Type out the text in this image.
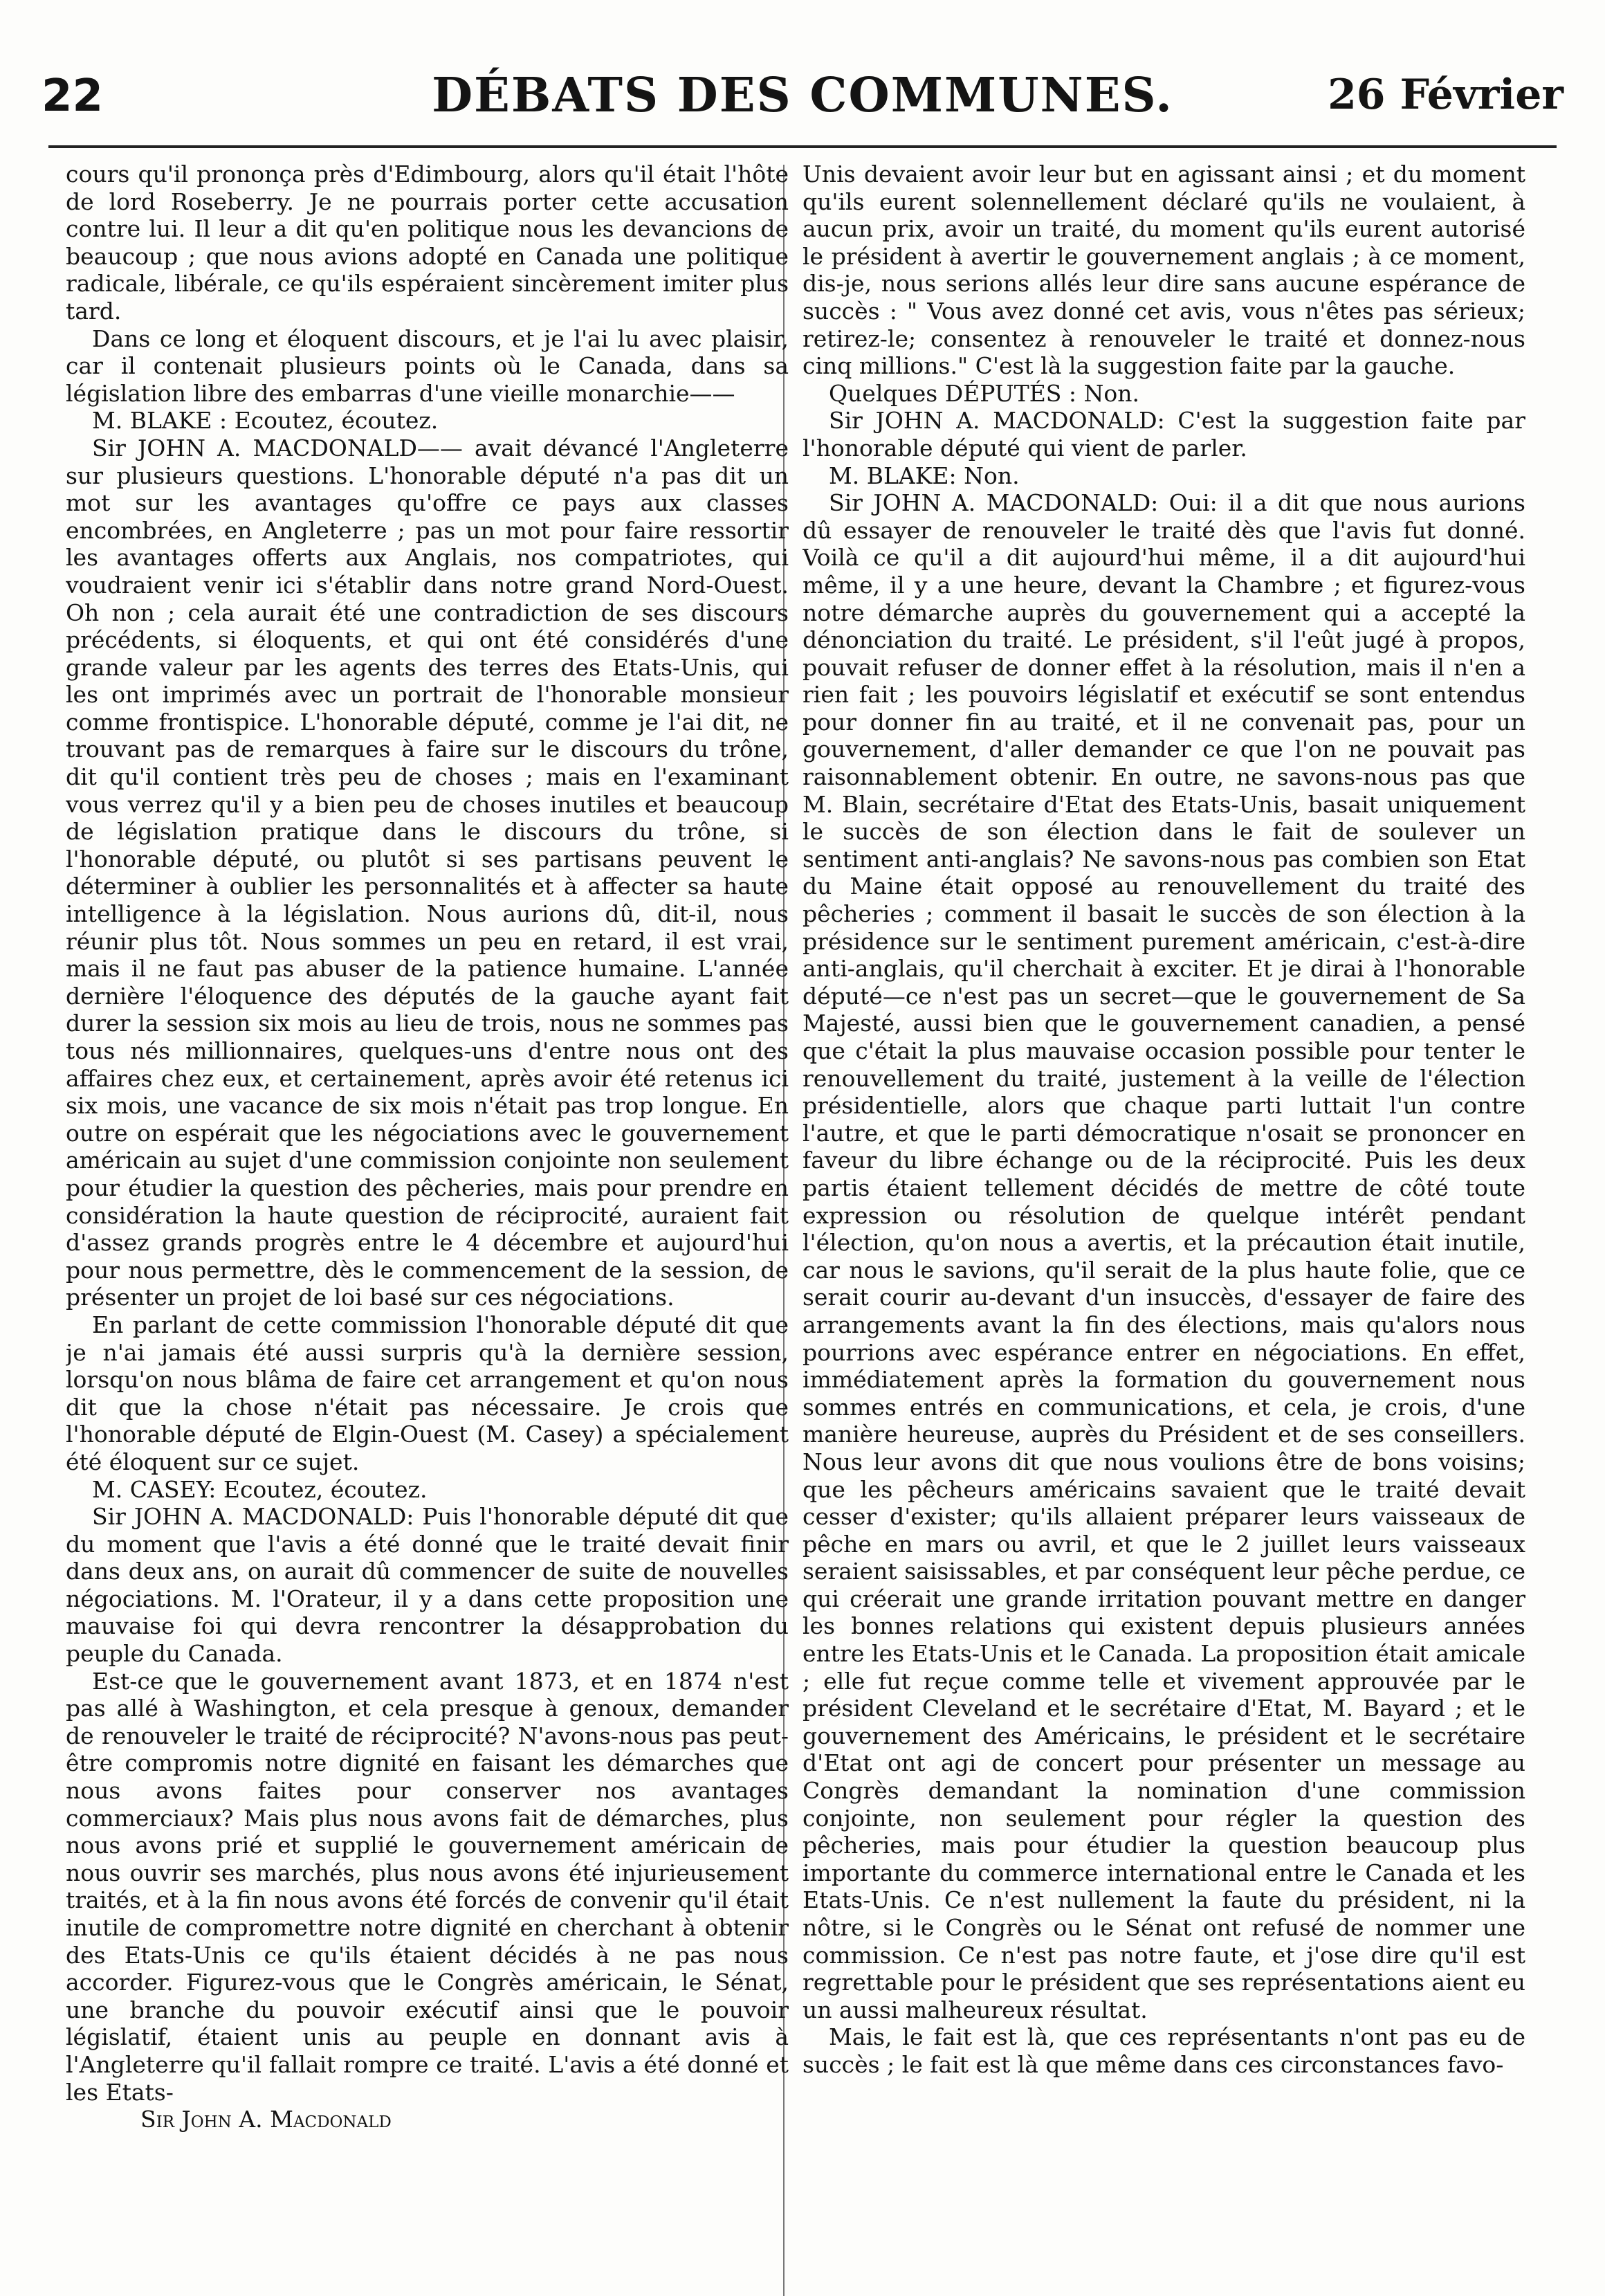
22	DÉBATS DES COMMUNES.	26 Février

cours qu'il prononça près d'Edimbourg, alors qu'il était l'hôte de lord Roseberry. Je ne pourrais porter cette accusation contre lui. Il leur a dit qu'en politique nous les devancions de beaucoup ; que nous avions adopté en Canada une politique radicale, libérale, ce qu'ils espéraient sincèrement imiter plus tard.

Dans ce long et éloquent discours, et je l'ai lu avec plaisir, car il contenait plusieurs points où le Canada, dans sa législation libre des embarras d'une vieille monarchie——

M. BLAKE : Ecoutez, écoutez.

Sir JOHN A. MACDONALD—— avait dévancé l'Angleterre sur plusieurs questions. L'honorable député n'a pas dit un mot sur les avantages qu'offre ce pays aux classes encombrées, en Angleterre ; pas un mot pour faire ressortir les avantages offerts aux Anglais, nos compatriotes, qui voudraient venir ici s'établir dans notre grand Nord-Ouest. Oh non ; cela aurait été une contradiction de ses discours précédents, si éloquents, et qui ont été considérés d'une grande valeur par les agents des terres des Etats-Unis, qui les ont imprimés avec un portrait de l'honorable monsieur comme frontispice. L'honorable député, comme je l'ai dit, ne trouvant pas de remarques à faire sur le discours du trône, dit qu'il contient très peu de choses ; mais en l'examinant vous verrez qu'il y a bien peu de choses inutiles et beaucoup de législation pratique dans le discours du trône, si l'honorable député, ou plutôt si ses partisans peuvent le déterminer à oublier les personnalités et à affecter sa haute intelligence à la législation. Nous aurions dû, dit-il, nous réunir plus tôt. Nous sommes un peu en retard, il est vrai, mais il ne faut pas abuser de la patience humaine. L'année dernière l'éloquence des députés de la gauche ayant fait durer la session six mois au lieu de trois, nous ne sommes pas tous nés millionnaires, quelques-uns d'entre nous ont des affaires chez eux, et certainement, après avoir été retenus ici six mois, une vacance de six mois n'était pas trop longue. En outre on espérait que les négociations avec le gouvernement américain au sujet d'une commission conjointe non seulement pour étudier la question des pêcheries, mais pour prendre en considération la haute question de réciprocité, auraient fait d'assez grands progrès entre le 4 décembre et aujourd'hui pour nous permettre, dès le commencement de la session, de présenter un projet de loi basé sur ces négociations.

En parlant de cette commission l'honorable député dit que je n'ai jamais été aussi surpris qu'à la dernière session, lorsqu'on nous blâma de faire cet arrangement et qu'on nous dit que la chose n'était pas nécessaire. Je crois que l'honorable député de Elgin-Ouest (M. Casey) a spécialement été éloquent sur ce sujet.

M. CASEY: Ecoutez, écoutez.

Sir JOHN A. MACDONALD: Puis l'honorable député dit que du moment que l'avis a été donné que le traité devait finir dans deux ans, on aurait dû commencer de suite de nouvelles négociations. M. l'Orateur, il y a dans cette proposition une mauvaise foi qui devra rencontrer la désapprobation du peuple du Canada.

Est-ce que le gouvernement avant 1873, et en 1874 n'est pas allé à Washington, et cela presque à genoux, demander de renouveler le traité de réciprocité? N'avons-nous pas peut-être compromis notre dignité en faisant les démarches que nous avons faites pour conserver nos avantages commerciaux? Mais plus nous avons fait de démarches, plus nous avons prié et supplié le gouvernement américain de nous ouvrir ses marchés, plus nous avons été injurieusement traités, et à la fin nous avons été forcés de convenir qu'il était inutile de compromettre notre dignité en cherchant à obtenir des Etats-Unis ce qu'ils étaient décidés à ne pas nous accorder. Figurez-vous que le Congrès américain, le Sénat, une branche du pouvoir exécutif ainsi que le pouvoir législatif, étaient unis au peuple en donnant avis à l'Angleterre qu'il fallait rompre ce traité. L'avis a été donné et les Etats-

Sir John A. Macdonald

Unis devaient avoir leur but en agissant ainsi ; et du moment qu'ils eurent solennellement déclaré qu'ils ne voulaient, à aucun prix, avoir un traité, du moment qu'ils eurent autorisé le président à avertir le gouvernement anglais ; à ce moment, dis-je, nous serions allés leur dire sans aucune espérance de succès : " Vous avez donné cet avis, vous n'êtes pas sérieux; retirez-le; consentez à renouveler le traité et donnez-nous cinq millions." C'est là la suggestion faite par la gauche.

Quelques DÉPUTÉS : Non.

Sir JOHN A. MACDONALD: C'est la suggestion faite par l'honorable député qui vient de parler.

M. BLAKE: Non.

Sir JOHN A. MACDONALD: Oui: il a dit que nous aurions dû essayer de renouveler le traité dès que l'avis fut donné. Voilà ce qu'il a dit aujourd'hui même, il a dit aujourd'hui même, il y a une heure, devant la Chambre ; et figurez-vous notre démarche auprès du gouvernement qui a accepté la dénonciation du traité. Le président, s'il l'eût jugé à propos, pouvait refuser de donner effet à la résolution, mais il n'en a rien fait ; les pouvoirs législatif et exécutif se sont entendus pour donner fin au traité, et il ne convenait pas, pour un gouvernement, d'aller demander ce que l'on ne pouvait pas raisonnablement obtenir. En outre, ne savons-nous pas que M. Blain, secrétaire d'Etat des Etats-Unis, basait uniquement le succès de son élection dans le fait de soulever un sentiment anti-anglais? Ne savons-nous pas combien son Etat du Maine était opposé au renouvellement du traité des pêcheries ; comment il basait le succès de son élection à la présidence sur le sentiment purement américain, c'est-à-dire anti-anglais, qu'il cherchait à exciter. Et je dirai à l'honorable député—ce n'est pas un secret—que le gouvernement de Sa Majesté, aussi bien que le gouvernement canadien, a pensé que c'était la plus mauvaise occasion possible pour tenter le renouvellement du traité, justement à la veille de l'élection présidentielle, alors que chaque parti luttait l'un contre l'autre, et que le parti démocratique n'osait se prononcer en faveur du libre échange ou de la réciprocité. Puis les deux partis étaient tellement décidés de mettre de côté toute expression ou résolution de quelque intérêt pendant l'élection, qu'on nous a avertis, et la précaution était inutile, car nous le savions, qu'il serait de la plus haute folie, que ce serait courir au-devant d'un insuccès, d'essayer de faire des arrangements avant la fin des élections, mais qu'alors nous pourrions avec espérance entrer en négociations. En effet, immédiatement après la formation du gouvernement nous sommes entrés en communications, et cela, je crois, d'une manière heureuse, auprès du Président et de ses conseillers. Nous leur avons dit que nous voulions être de bons voisins; que les pêcheurs américains savaient que le traité devait cesser d'exister; qu'ils allaient préparer leurs vaisseaux de pêche en mars ou avril, et que le 2 juillet leurs vaisseaux seraient saisissables, et par conséquent leur pêche perdue, ce qui créerait une grande irritation pouvant mettre en danger les bonnes relations qui existent depuis plusieurs années entre les Etats-Unis et le Canada. La proposition était amicale ; elle fut reçue comme telle et vivement approuvée par le président Cleveland et le secrétaire d'Etat, M. Bayard ; et le gouvernement des Américains, le président et le secrétaire d'Etat ont agi de concert pour présenter un message au Congrès demandant la nomination d'une commission conjointe, non seulement pour régler la question des pêcheries, mais pour étudier la question beaucoup plus importante du commerce international entre le Canada et les Etats-Unis. Ce n'est nullement la faute du président, ni la nôtre, si le Congrès ou le Sénat ont refusé de nommer une commission. Ce n'est pas notre faute, et j'ose dire qu'il est regrettable pour le président que ses représentations aient eu un aussi malheureux résultat.

Mais, le fait est là, que ces représentants n'ont pas eu de succès ; le fait est là que même dans ces circonstances favo-
